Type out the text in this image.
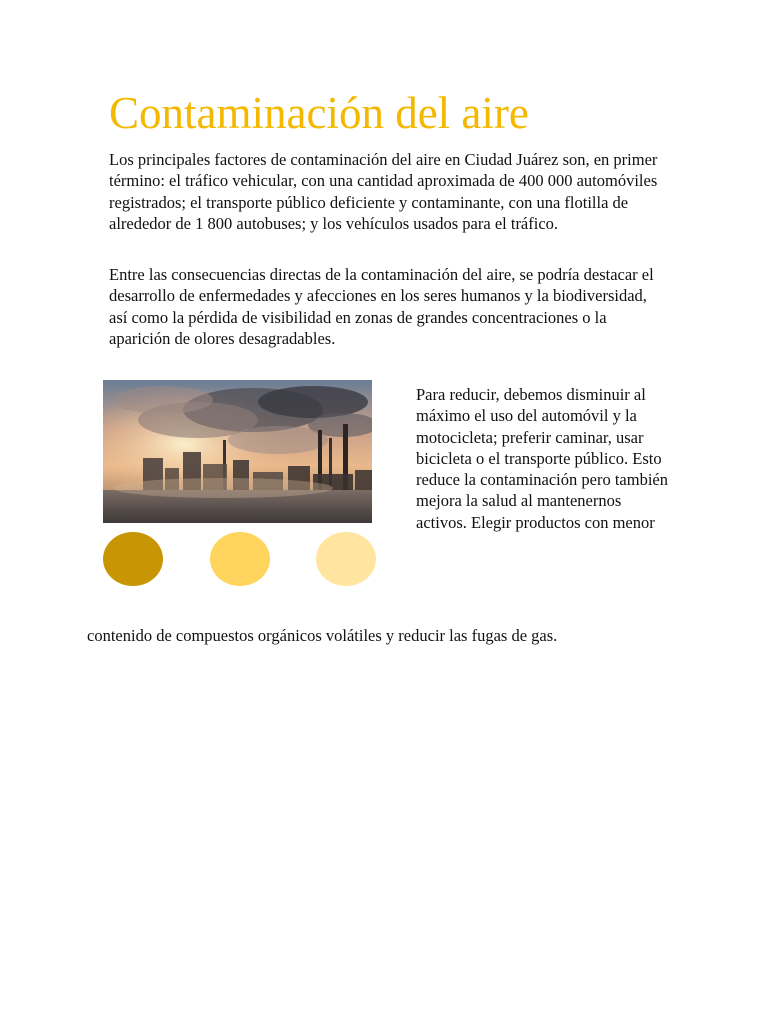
Contaminación del aire

Los principales factores de contaminación del aire en Ciudad Juárez son, en primer término: el tráfico vehicular, con una cantidad aproximada de 400 000 automóviles registrados; el transporte público deficiente y contaminante, con una flotilla de alrededor de 1 800 autobuses; y los vehículos usados para el tráfico.

Entre las consecuencias directas de la contaminación del aire, se podría destacar el desarrollo de enfermedades y afecciones en los seres humanos y la biodiversidad, así como la pérdida de visibilidad en zonas de grandes concentraciones o la aparición de olores desagradables.

Para reducir, debemos disminuir al máximo el uso del automóvil y la motocicleta; preferir caminar, usar bicicleta o el transporte público. Esto reduce la contaminación pero también mejora la salud al mantenernos activos. Elegir productos con menor

contenido de compuestos orgánicos volátiles y reducir las fugas de gas.
